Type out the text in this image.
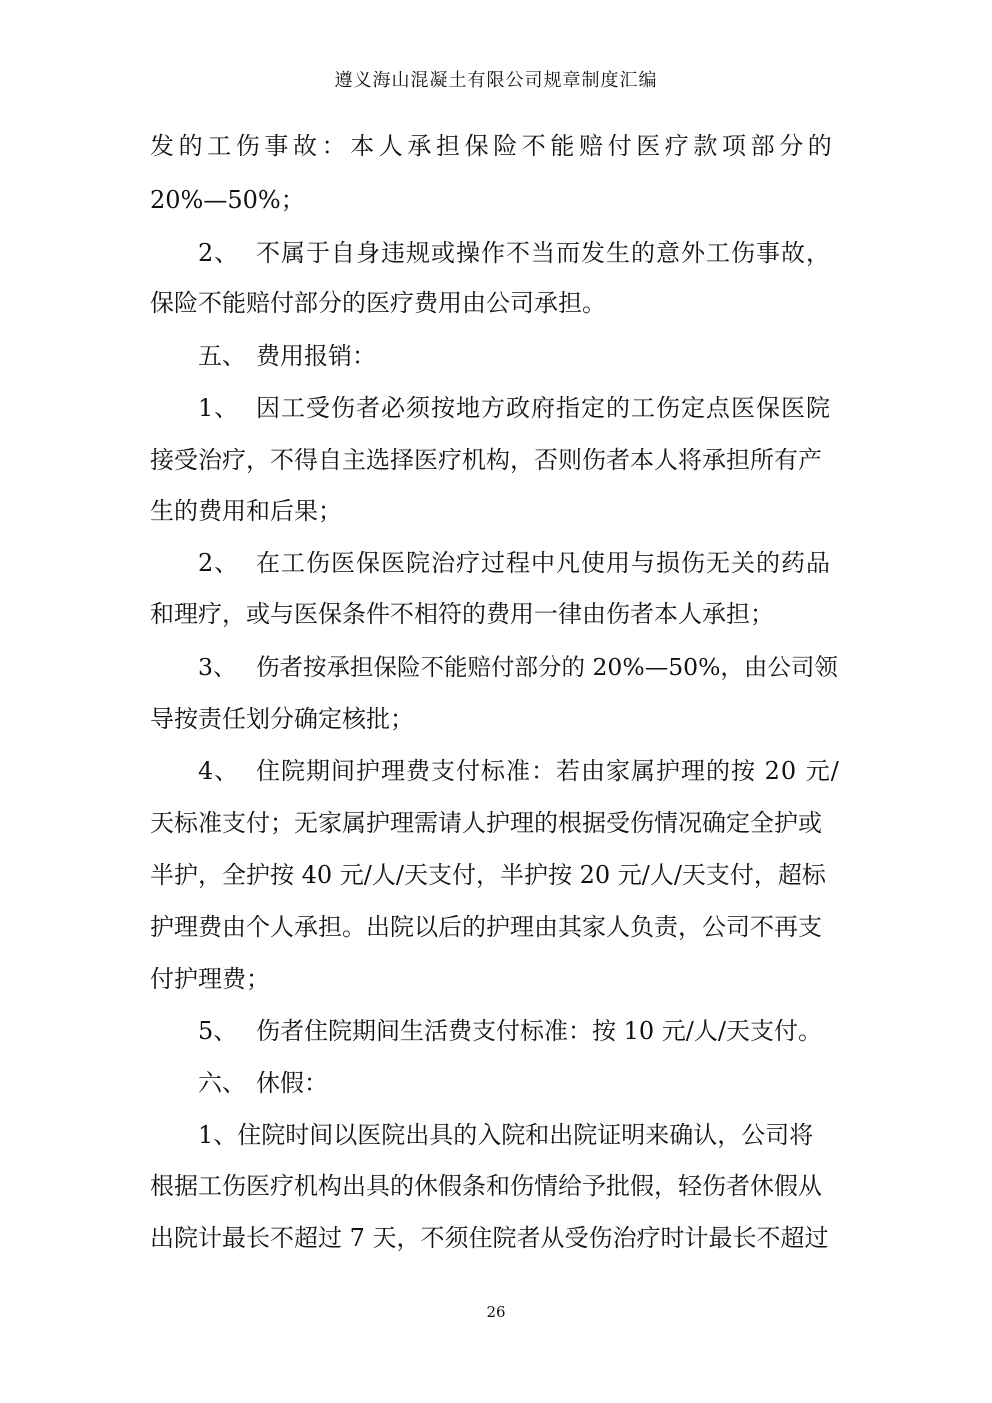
遵义海山混凝土有限公司规章制度汇编
发的工伤事故：本人承担保险不能赔付医疗款项部分的
20%—50%；
2、 不属于自身违规或操作不当而发生的意外工伤事故，
保险不能赔付部分的医疗费用由公司承担。
五、 费用报销：
1、 因工受伤者必须按地方政府指定的工伤定点医保医院
接受治疗，不得自主选择医疗机构，否则伤者本人将承担所有产
生的费用和后果；
2、 在工伤医保医院治疗过程中凡使用与损伤无关的药品
和理疗，或与医保条件不相符的费用一律由伤者本人承担；
3、 伤者按承担保险不能赔付部分的 20%—50%，由公司领
导按责任划分确定核批；
4、 住院期间护理费支付标准：若由家属护理的按 20 元/
天标准支付；无家属护理需请人护理的根据受伤情况确定全护或
半护，全护按 40 元/人/天支付，半护按 20 元/人/天支付，超标
护理费由个人承担。出院以后的护理由其家人负责，公司不再支
付护理费；
5、 伤者住院期间生活费支付标准：按 10 元/人/天支付。
六、 休假：
1、住院时间以医院出具的入院和出院证明来确认，公司将
根据工伤医疗机构出具的休假条和伤情给予批假，轻伤者休假从
出院计最长不超过 7 天，不须住院者从受伤治疗时计最长不超过
26
